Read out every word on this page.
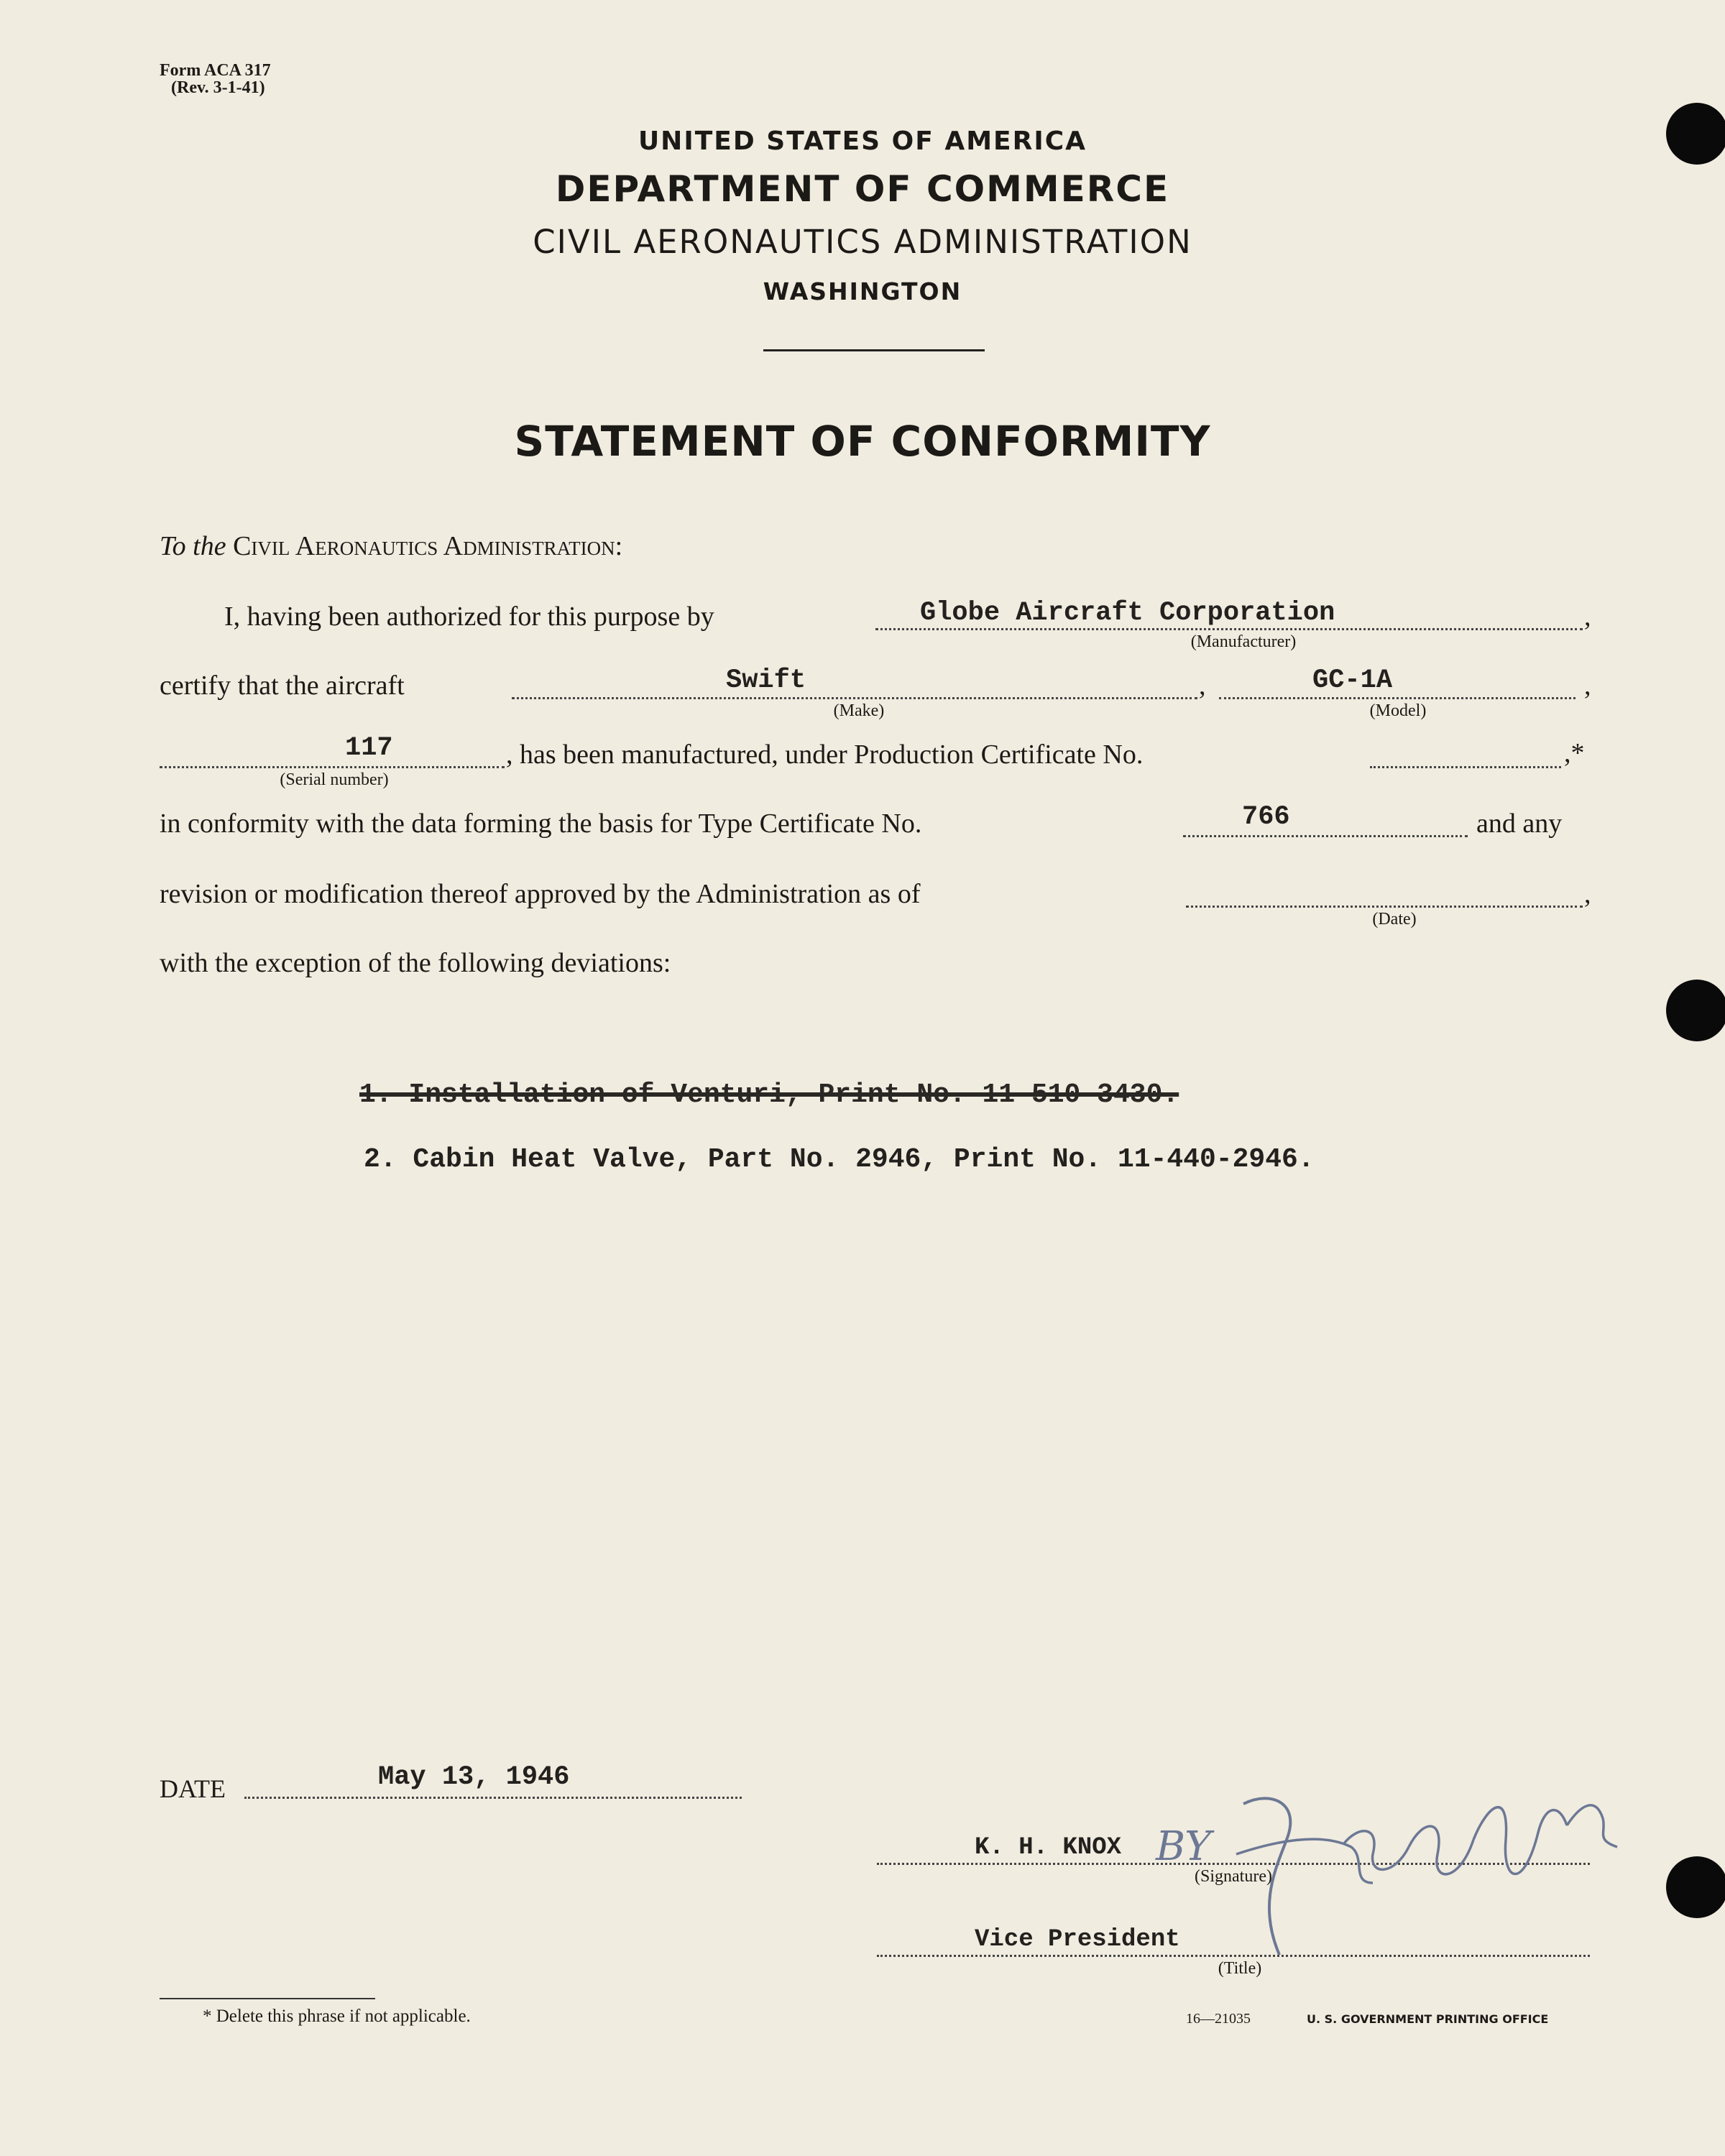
Form ACA 317
(Rev. 3-1-41)
UNITED STATES OF AMERICA
DEPARTMENT OF COMMERCE
CIVIL AERONAUTICS ADMINISTRATION
WASHINGTON
STATEMENT OF CONFORMITY
To the Civil Aeronautics Administration:
I, having been authorized for this purpose by	Globe Aircraft Corporation	,
(Manufacturer)
certify that the aircraft	Swift	,	GC-1A	,
(Make)	(Model)
117	, has been manufactured, under Production Certificate No.	,*
(Serial number)
in conformity with the data forming the basis for Type Certificate No.	766	and any
revision or modification thereof approved by the Administration as of	,
(Date)
with the exception of the following deviations:
1. Installation of Venturi, Print No. 11-510-3430.
2. Cabin Heat Valve, Part No. 2946, Print No. 11-440-2946.
DATE	May 13, 1946
K. H. KNOX
(Signature)
BY
Vice President
(Title)
* Delete this phrase if not applicable.	16—21035	U. S. GOVERNMENT PRINTING OFFICE
